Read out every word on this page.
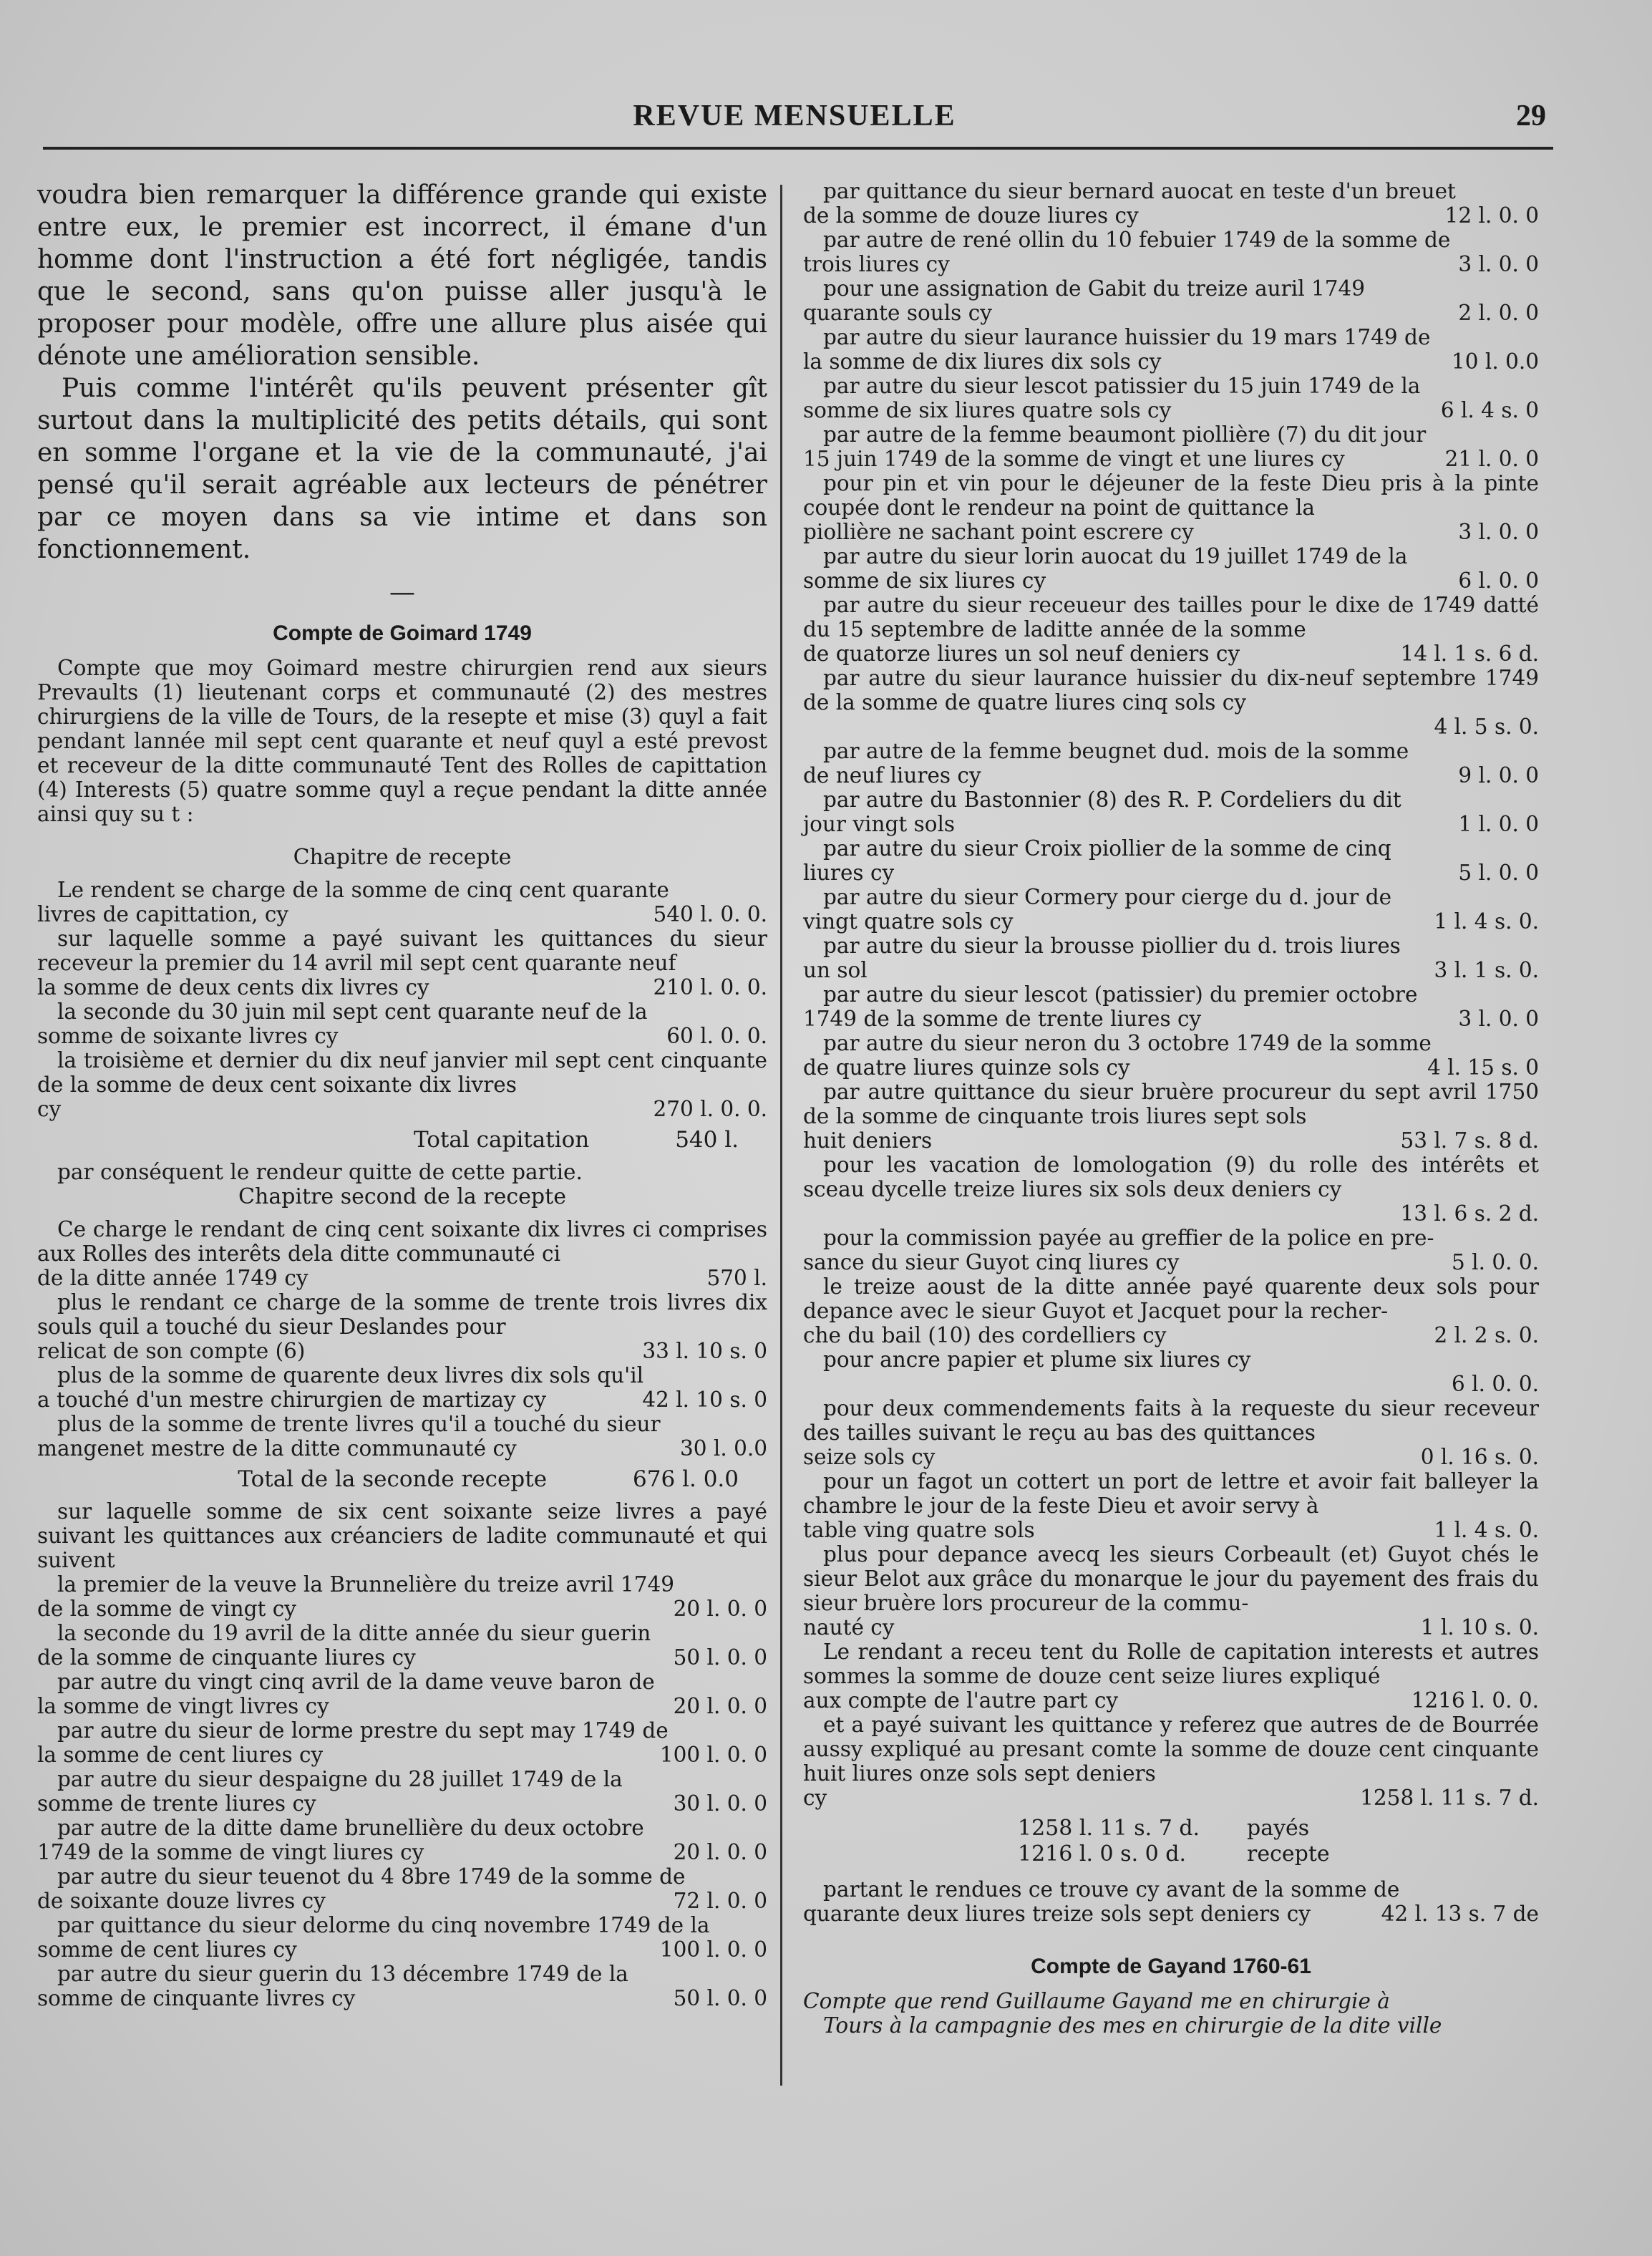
REVUE MENSUELLE	29

voudra bien remarquer la différence grande qui existe entre eux, le premier est incorrect, il émane d'un homme dont l'instruction a été fort négligée, tandis que le second, sans qu'on puisse aller jusqu'à le proposer pour modèle, offre une allure plus aisée qui dénote une amélioration sensible.

Puis comme l'intérêt qu'ils peuvent présenter gît surtout dans la multiplicité des petits détails, qui sont en somme l'organe et la vie de la communauté, j'ai pensé qu'il serait agréable aux lecteurs de pénétrer par ce moyen dans sa vie intime et dans son fonctionnement.

—
Compte de Goimard 1749

Compte que moy Goimard mestre chirurgien rend aux sieurs Prevaults (1) lieutenant corps et communauté (2) des mestres chirurgiens de la ville de Tours, de la resepte et mise (3) quyl a fait pendant lannée mil sept cent quarante et neuf quyl a esté prevost et receveur de la ditte communauté Tent des Rolles de capittation (4) Interests (5) quatre somme quyl a reçue pendant la ditte année ainsi quy su t :

Chapitre de recepte
Le rendent se charge de la somme de cinq cent quarante
livres de capittation, cy	540 l. 0. 0.
sur laquelle somme a payé suivant les quittances du sieur receveur la premier du 14 avril mil sept cent quarante neuf
la somme de deux cents dix livres cy	210 l. 0. 0.
la seconde du 30 juin mil sept cent quarante neuf de la
somme de soixante livres cy	60 l. 0. 0.
la troisième et dernier du dix neuf janvier mil sept cent cinquante de la somme de deux cent soixante dix livres
cy	270 l. 0. 0.
Total capitation	540 l.

par conséquent le rendeur quitte de cette partie.

Chapitre second de la recepte
Ce charge le rendant de cinq cent soixante dix livres ci comprises aux Rolles des interêts dela ditte communauté ci
de la ditte année 1749 cy	570 l.
plus le rendant ce charge de la somme de trente trois livres dix souls quil a touché du sieur Deslandes pour
relicat de son compte (6)	33 l. 10 s. 0
plus de la somme de quarente deux livres dix sols qu'il
a touché d'un mestre chirurgien de martizay cy	42 l. 10 s. 0
plus de la somme de trente livres qu'il a touché du sieur
mangenet mestre de la ditte communauté cy	30 l. 0.0
Total de la seconde recepte	676 l. 0.0

sur laquelle somme de six cent soixante seize livres a payé suivant les quittances aux créanciers de ladite communauté et qui suivent

la premier de la veuve la Brunnelière du treize avril 1749
de la somme de vingt cy	20 l. 0. 0
la seconde du 19 avril de la ditte année du sieur guerin
de la somme de cinquante liures cy	50 l. 0. 0
par autre du vingt cinq avril de la dame veuve baron de
la somme de vingt livres cy	20 l. 0. 0
par autre du sieur de lorme prestre du sept may 1749 de
la somme de cent liures cy	100 l. 0. 0
par autre du sieur despaigne du 28 juillet 1749 de la
somme de trente liures cy	30 l. 0. 0
par autre de la ditte dame brunellière du deux octobre
1749 de la somme de vingt liures cy	20 l. 0. 0
par autre du sieur teuenot du 4 8bre 1749 de la somme de
de soixante douze livres cy	72 l. 0. 0
par quittance du sieur delorme du cinq novembre 1749 de la
somme de cent liures cy	100 l. 0. 0
par autre du sieur guerin du 13 décembre 1749 de la
somme de cinquante livres cy	50 l. 0. 0
par quittance du sieur bernard auocat en teste d'un breuet
de la somme de douze liures cy	12 l. 0. 0
par autre de rené ollin du 10 febuier 1749 de la somme de
trois liures cy	3 l. 0. 0
pour une assignation de Gabit du treize auril 1749
quarante souls cy	2 l. 0. 0
par autre du sieur laurance huissier du 19 mars 1749 de
la somme de dix liures dix sols cy	10 l. 0.0
par autre du sieur lescot patissier du 15 juin 1749 de la
somme de six liures quatre sols cy	6 l. 4 s. 0
par autre de la femme beaumont piollière (7) du dit jour
15 juin 1749 de la somme de vingt et une liures cy	21 l. 0. 0
pour pin et vin pour le déjeuner de la feste Dieu pris à la pinte coupée dont le rendeur na point de quittance la
piollière ne sachant point escrere cy	3 l. 0. 0
par autre du sieur lorin auocat du 19 juillet 1749 de la
somme de six liures cy	6 l. 0. 0
par autre du sieur receueur des tailles pour le dixe de 1749 datté du 15 septembre de laditte année de la somme
de quatorze liures un sol neuf deniers cy	14 l. 1 s. 6 d.
par autre du sieur laurance huissier du dix-neuf septembre 1749 de la somme de quatre liures cinq sols cy
4 l. 5 s. 0.
par autre de la femme beugnet dud. mois de la somme
de neuf liures cy	9 l. 0. 0
par autre du Bastonnier (8) des R. P. Cordeliers du dit
jour vingt sols	1 l. 0. 0
par autre du sieur Croix piollier de la somme de cinq
liures cy	5 l. 0. 0
par autre du sieur Cormery pour cierge du d. jour de
vingt quatre sols cy	1 l. 4 s. 0.
par autre du sieur la brousse piollier du d. trois liures
un sol	3 l. 1 s. 0.
par autre du sieur lescot (patissier) du premier octobre
1749 de la somme de trente liures cy	3 l. 0. 0
par autre du sieur neron du 3 octobre 1749 de la somme
de quatre liures quinze sols cy	4 l. 15 s. 0
par autre quittance du sieur bruère procureur du sept avril 1750 de la somme de cinquante trois liures sept sols
huit deniers	53 l. 7 s. 8 d.
pour les vacation de lomologation (9) du rolle des intérêts et sceau dycelle treize liures six sols deux deniers cy
13 l. 6 s. 2 d.
pour la commission payée au greffier de la police en pre-
sance du sieur Guyot cinq liures cy	5 l. 0. 0.
le treize aoust de la ditte année payé quarente deux sols pour depance avec le sieur Guyot et Jacquet pour la recher-
che du bail (10) des cordelliers cy	2 l. 2 s. 0.
pour ancre papier et plume six liures cy
6 l. 0. 0.
pour deux commendements faits à la requeste du sieur receveur des tailles suivant le reçu au bas des quittances
seize sols cy	0 l. 16 s. 0.
pour un fagot un cottert un port de lettre et avoir fait balleyer la chambre le jour de la feste Dieu et avoir servy à
table ving quatre sols	1 l. 4 s. 0.
plus pour depance avecq les sieurs Corbeault (et) Guyot chés le sieur Belot aux grâce du monarque le jour du payement des frais du sieur bruère lors procureur de la commu-
nauté cy	1 l. 10 s. 0.
Le rendant a receu tent du Rolle de capitation interests et autres sommes la somme de douze cent seize liures expliqué
aux compte de l'autre part cy	1216 l. 0. 0.
et a payé suivant les quittance y referez que autres de de Bourrée aussy expliqué au presant comte la somme de douze cent cinquante huit liures onze sols sept deniers
cy	1258 l. 11 s. 7 d.
1258 l. 11 s. 7 d.	payés
1216 l. 0 s. 0 d.	recepte
partant le rendues ce trouve cy avant de la somme de
quarante deux liures treize sols sept deniers cy	42 l. 13 s. 7 de
Compte de Gayand 1760-61
Compte que rend Guillaume Gayand me en chirurgie à
Tours à la campagnie des mes en chirurgie de la dite ville
